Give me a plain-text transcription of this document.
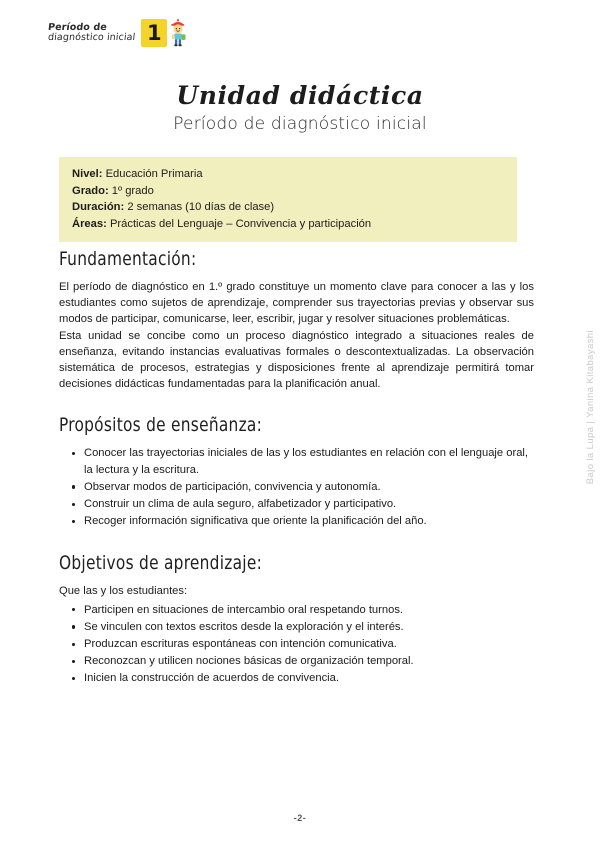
Período de
diagnóstico inicial 1
Unidad didáctica
Período de diagnóstico inicial
Nivel: Educación Primaria
Grado: 1º grado
Duración: 2 semanas (10 días de clase)
Áreas: Prácticas del Lenguaje – Convivencia y participación
Fundamentación:

El período de diagnóstico en 1.º grado constituye un momento clave para conocer a las y los estudiantes como sujetos de aprendizaje, comprender sus trayectorias previas y observar sus modos de participar, comunicarse, leer, escribir, jugar y resolver situaciones problemáticas.

Esta unidad se concibe como un proceso diagnóstico integrado a situaciones reales de enseñanza, evitando instancias evaluativas formales o descontextualizadas. La observación sistemática de procesos, estrategias y disposiciones frente al aprendizaje permitirá tomar decisiones didácticas fundamentadas para la planificación anual.

Propósitos de enseñanza:
Conocer las trayectorias iniciales de las y los estudiantes en relación con el lenguaje oral, la lectura y la escritura.
Observar modos de participación, convivencia y autonomía.
Construir un clima de aula seguro, alfabetizador y participativo.
Recoger información significativa que oriente la planificación del año.
Objetivos de aprendizaje:

Que las y los estudiantes:

Participen en situaciones de intercambio oral respetando turnos.
Se vinculen con textos escritos desde la exploración y el interés.
Produzcan escrituras espontáneas con intención comunicativa.
Reconozcan y utilicen nociones básicas de organización temporal.
Inicien la construcción de acuerdos de convivencia.
Bajo la Lupa | Yanina Kitabayashi
-2-
